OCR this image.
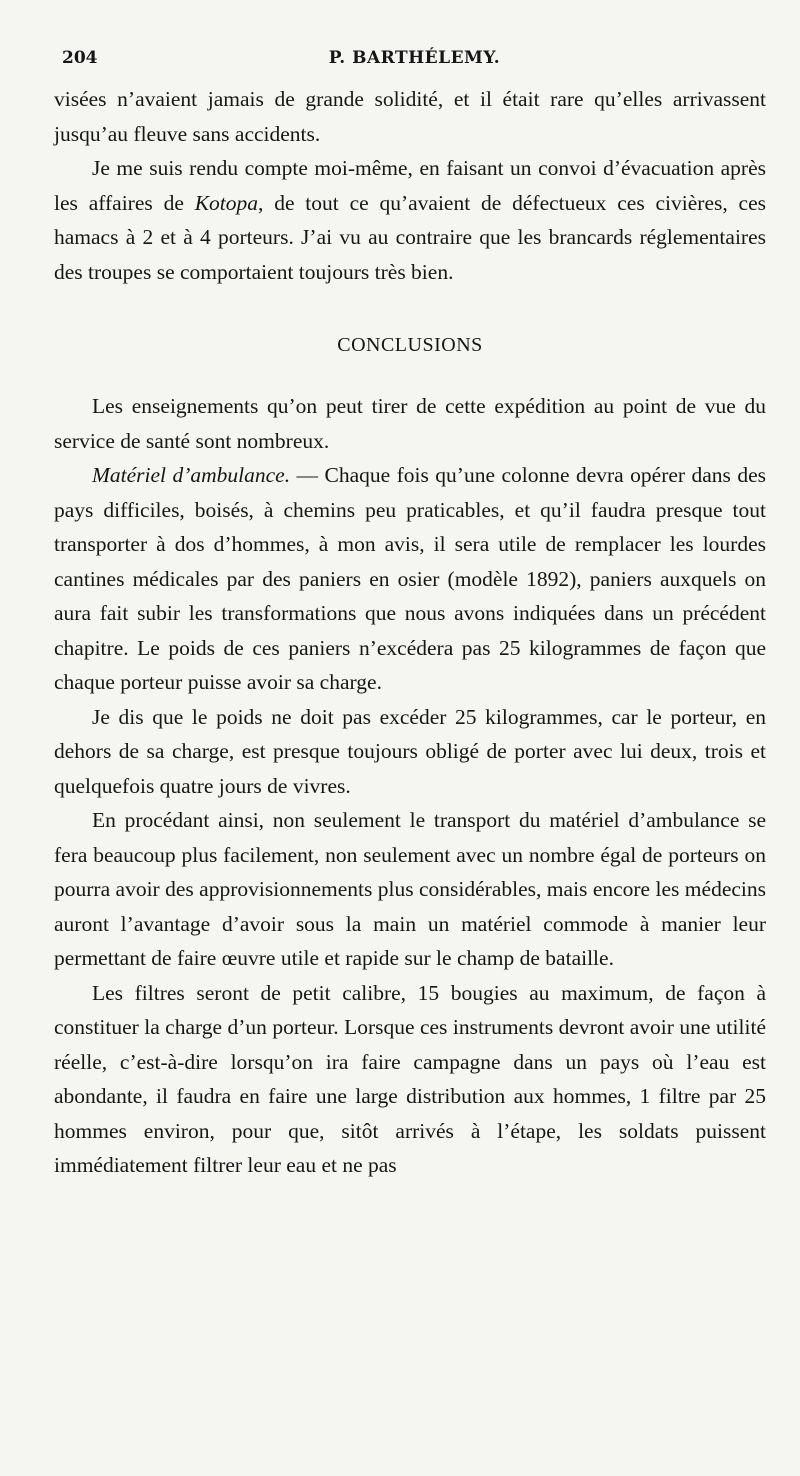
204	P. BARTHÉLEMY.

visées n’avaient jamais de grande solidité, et il était rare qu’elles arrivassent jusqu’au fleuve sans accidents.

Je me suis rendu compte moi-même, en faisant un convoi d’évacuation après les affaires de Kotopa, de tout ce qu’avaient de défectueux ces civières, ces hamacs à 2 et à 4 porteurs. J’ai vu au contraire que les brancards réglementaires des troupes se comportaient toujours très bien.

CONCLUSIONS

Les enseignements qu’on peut tirer de cette expédition au point de vue du service de santé sont nombreux.

Matériel d’ambulance. — Chaque fois qu’une colonne devra opérer dans des pays difficiles, boisés, à chemins peu praticables, et qu’il faudra presque tout transporter à dos d’hommes, à mon avis, il sera utile de remplacer les lourdes cantines médicales par des paniers en osier (modèle 1892), paniers auxquels on aura fait subir les transformations que nous avons indiquées dans un précédent chapitre. Le poids de ces paniers n’excédera pas 25 kilogrammes de façon que chaque porteur puisse avoir sa charge.

Je dis que le poids ne doit pas excéder 25 kilogrammes, car le porteur, en dehors de sa charge, est presque toujours obligé de porter avec lui deux, trois et quelquefois quatre jours de vivres.

En procédant ainsi, non seulement le transport du matériel d’ambulance se fera beaucoup plus facilement, non seulement avec un nombre égal de porteurs on pourra avoir des approvisionnements plus considérables, mais encore les médecins auront l’avantage d’avoir sous la main un matériel commode à manier leur permettant de faire œuvre utile et rapide sur le champ de bataille.

Les filtres seront de petit calibre, 15 bougies au maximum, de façon à constituer la charge d’un porteur. Lorsque ces instruments devront avoir une utilité réelle, c’est-à-dire lorsqu’on ira faire campagne dans un pays où l’eau est abondante, il faudra en faire une large distribution aux hommes, 1 filtre par 25 hommes environ, pour que, sitôt arrivés à l’étape, les soldats puissent immédiatement filtrer leur eau et ne pas
